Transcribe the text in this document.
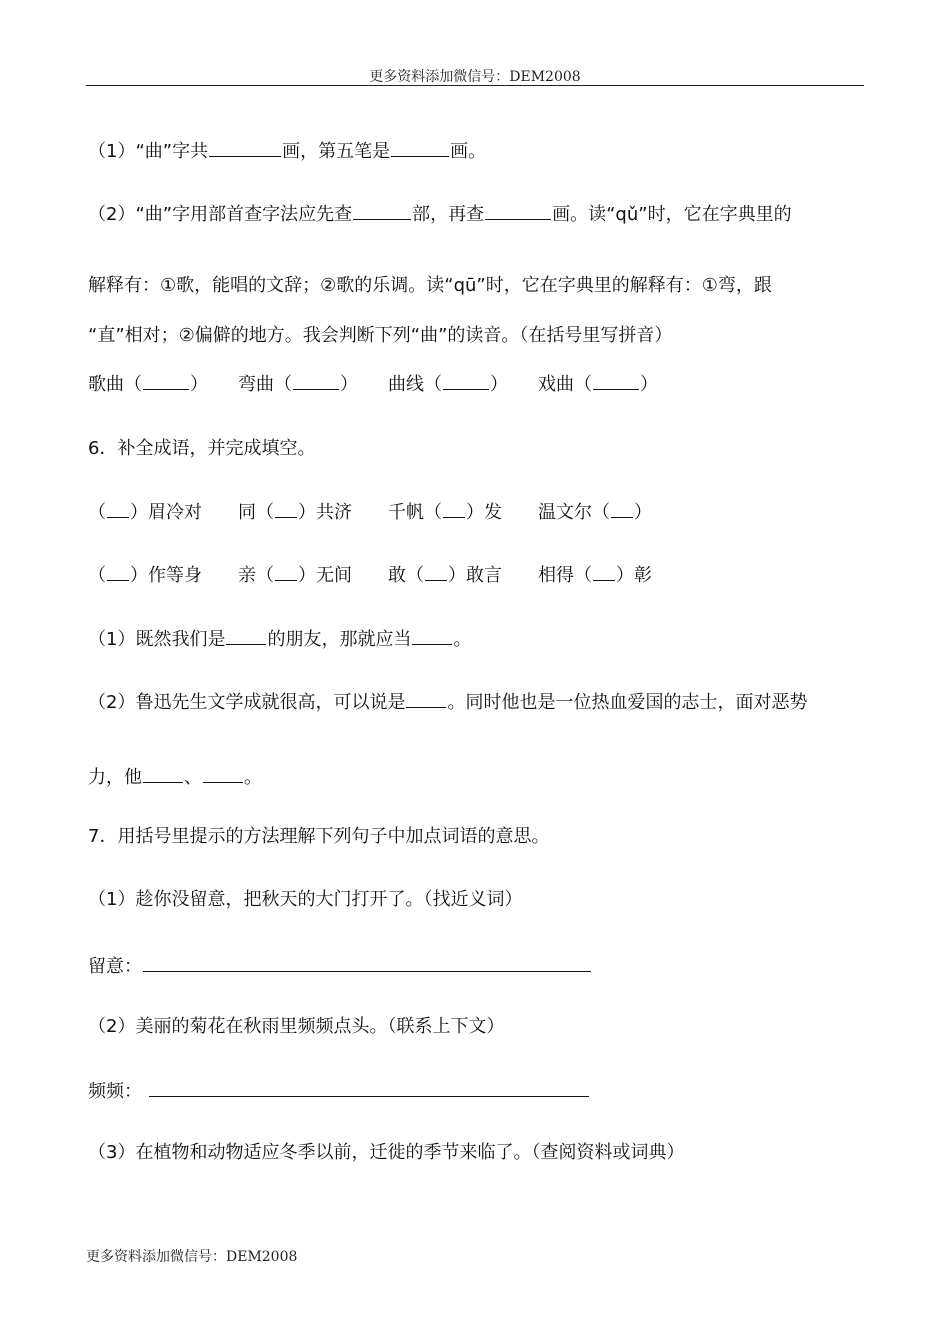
更多资料添加微信号：DEM2008
（1）“曲”字共	画，第五笔是	画。
（2）“曲”字用部首查字法应先查	部，再查	画。读“qǔ”时，它在字典里的
解释有：①歌，能唱的文辞；②歌的乐调。读“qū”时，它在字典里的解释有：①弯，跟
“直”相对；②偏僻的地方。我会判断下列“曲”的读音。（在括号里写拼音）
歌曲（	） 弯曲（	） 曲线（	） 戏曲（	）
6．补全成语，并完成填空。
（ ）眉冷对 同（ ）共济 千帆（ ）发 温文尔（ ）
（ ）作等身 亲（ ）无间 敢（ ）敢言 相得（ ）彰
（1）既然我们是 的朋友，那就应当 。
（2）鲁迅先生文学成就很高，可以说是 。同时他也是一位热血爱国的志士，面对恶势
力，他 、 。
7．用括号里提示的方法理解下列句子中加点词语的意思。
（1）趁你没留意，把秋天的大门打开了。（找近义词）
留意：
（2）美丽的菊花在秋雨里频频点头。（联系上下文）
频频：
（3）在植物和动物适应冬季以前，迁徙的季节来临了。（查阅资料或词典）
更多资料添加微信号：DEM2008
